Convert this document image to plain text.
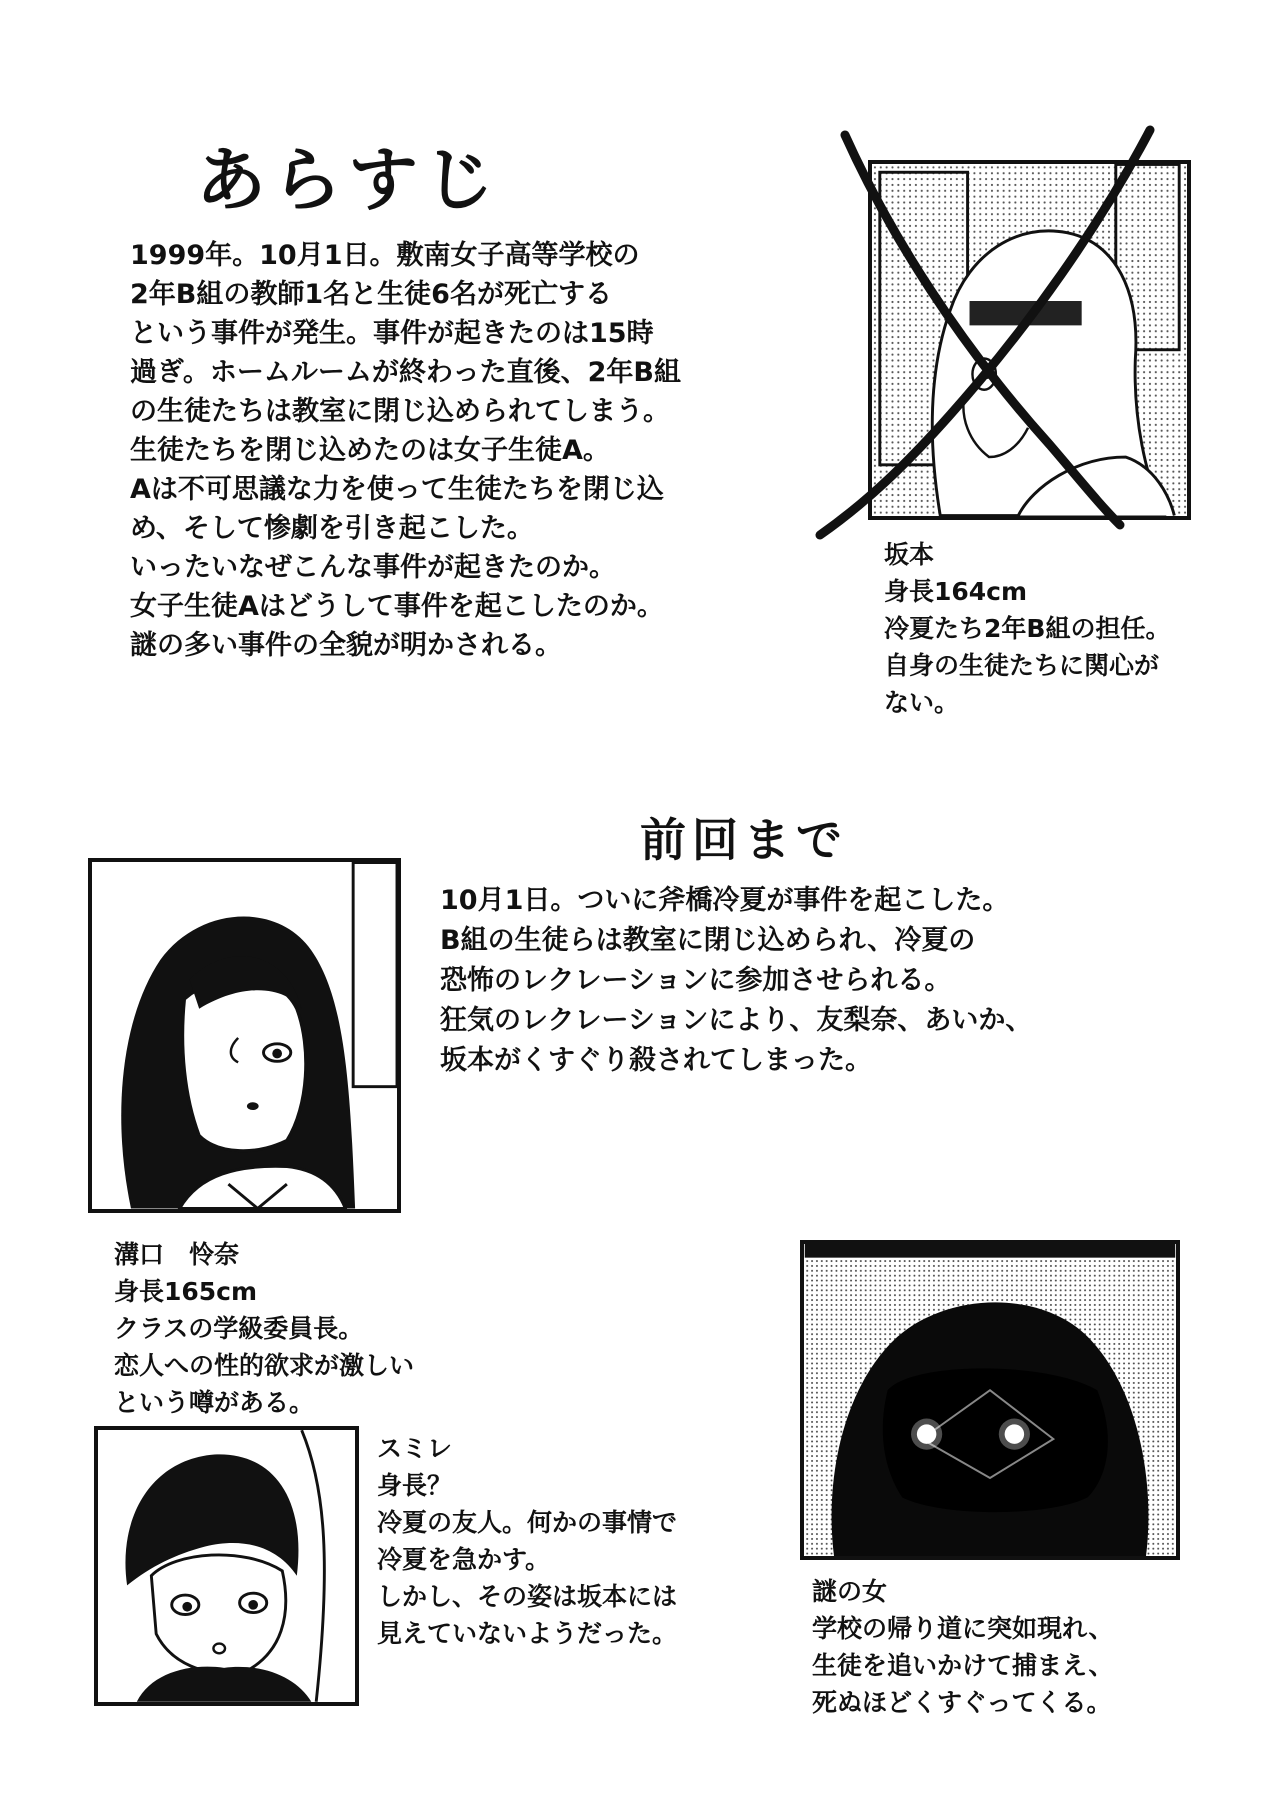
あらすじ

1999年。10月1日。敷南女子高等学校の

2年B組の教師1名と生徒6名が死亡する

という事件が発生。事件が起きたのは15時

過ぎ。ホームルームが終わった直後、2年B組

の生徒たちは教室に閉じ込められてしまう。

生徒たちを閉じ込めたのは女子生徒A。

Aは不可思議な力を使って生徒たちを閉じ込

め、そして惨劇を引き起こした。

いったいなぜこんな事件が起きたのか。

女子生徒Aはどうして事件を起こしたのか。

謎の多い事件の全貌が明かされる。

坂本

身長164cm

冷夏たち2年B組の担任。

自身の生徒たちに関心が

ない。

前回まで

10月1日。ついに斧橋冷夏が事件を起こした。

B組の生徒らは教室に閉じ込められ、冷夏の

恐怖のレクレーションに参加させられる。

狂気のレクレーションにより、友梨奈、あいか、

坂本がくすぐり殺されてしまった。

溝口　怜奈

身長165cm

クラスの学級委員長。

恋人への性的欲求が激しい

という噂がある。

スミレ

身長？

冷夏の友人。何かの事情で

冷夏を急かす。

しかし、その姿は坂本には

見えていないようだった。

謎の女

学校の帰り道に突如現れ、

生徒を追いかけて捕まえ、

死ぬほどくすぐってくる。
